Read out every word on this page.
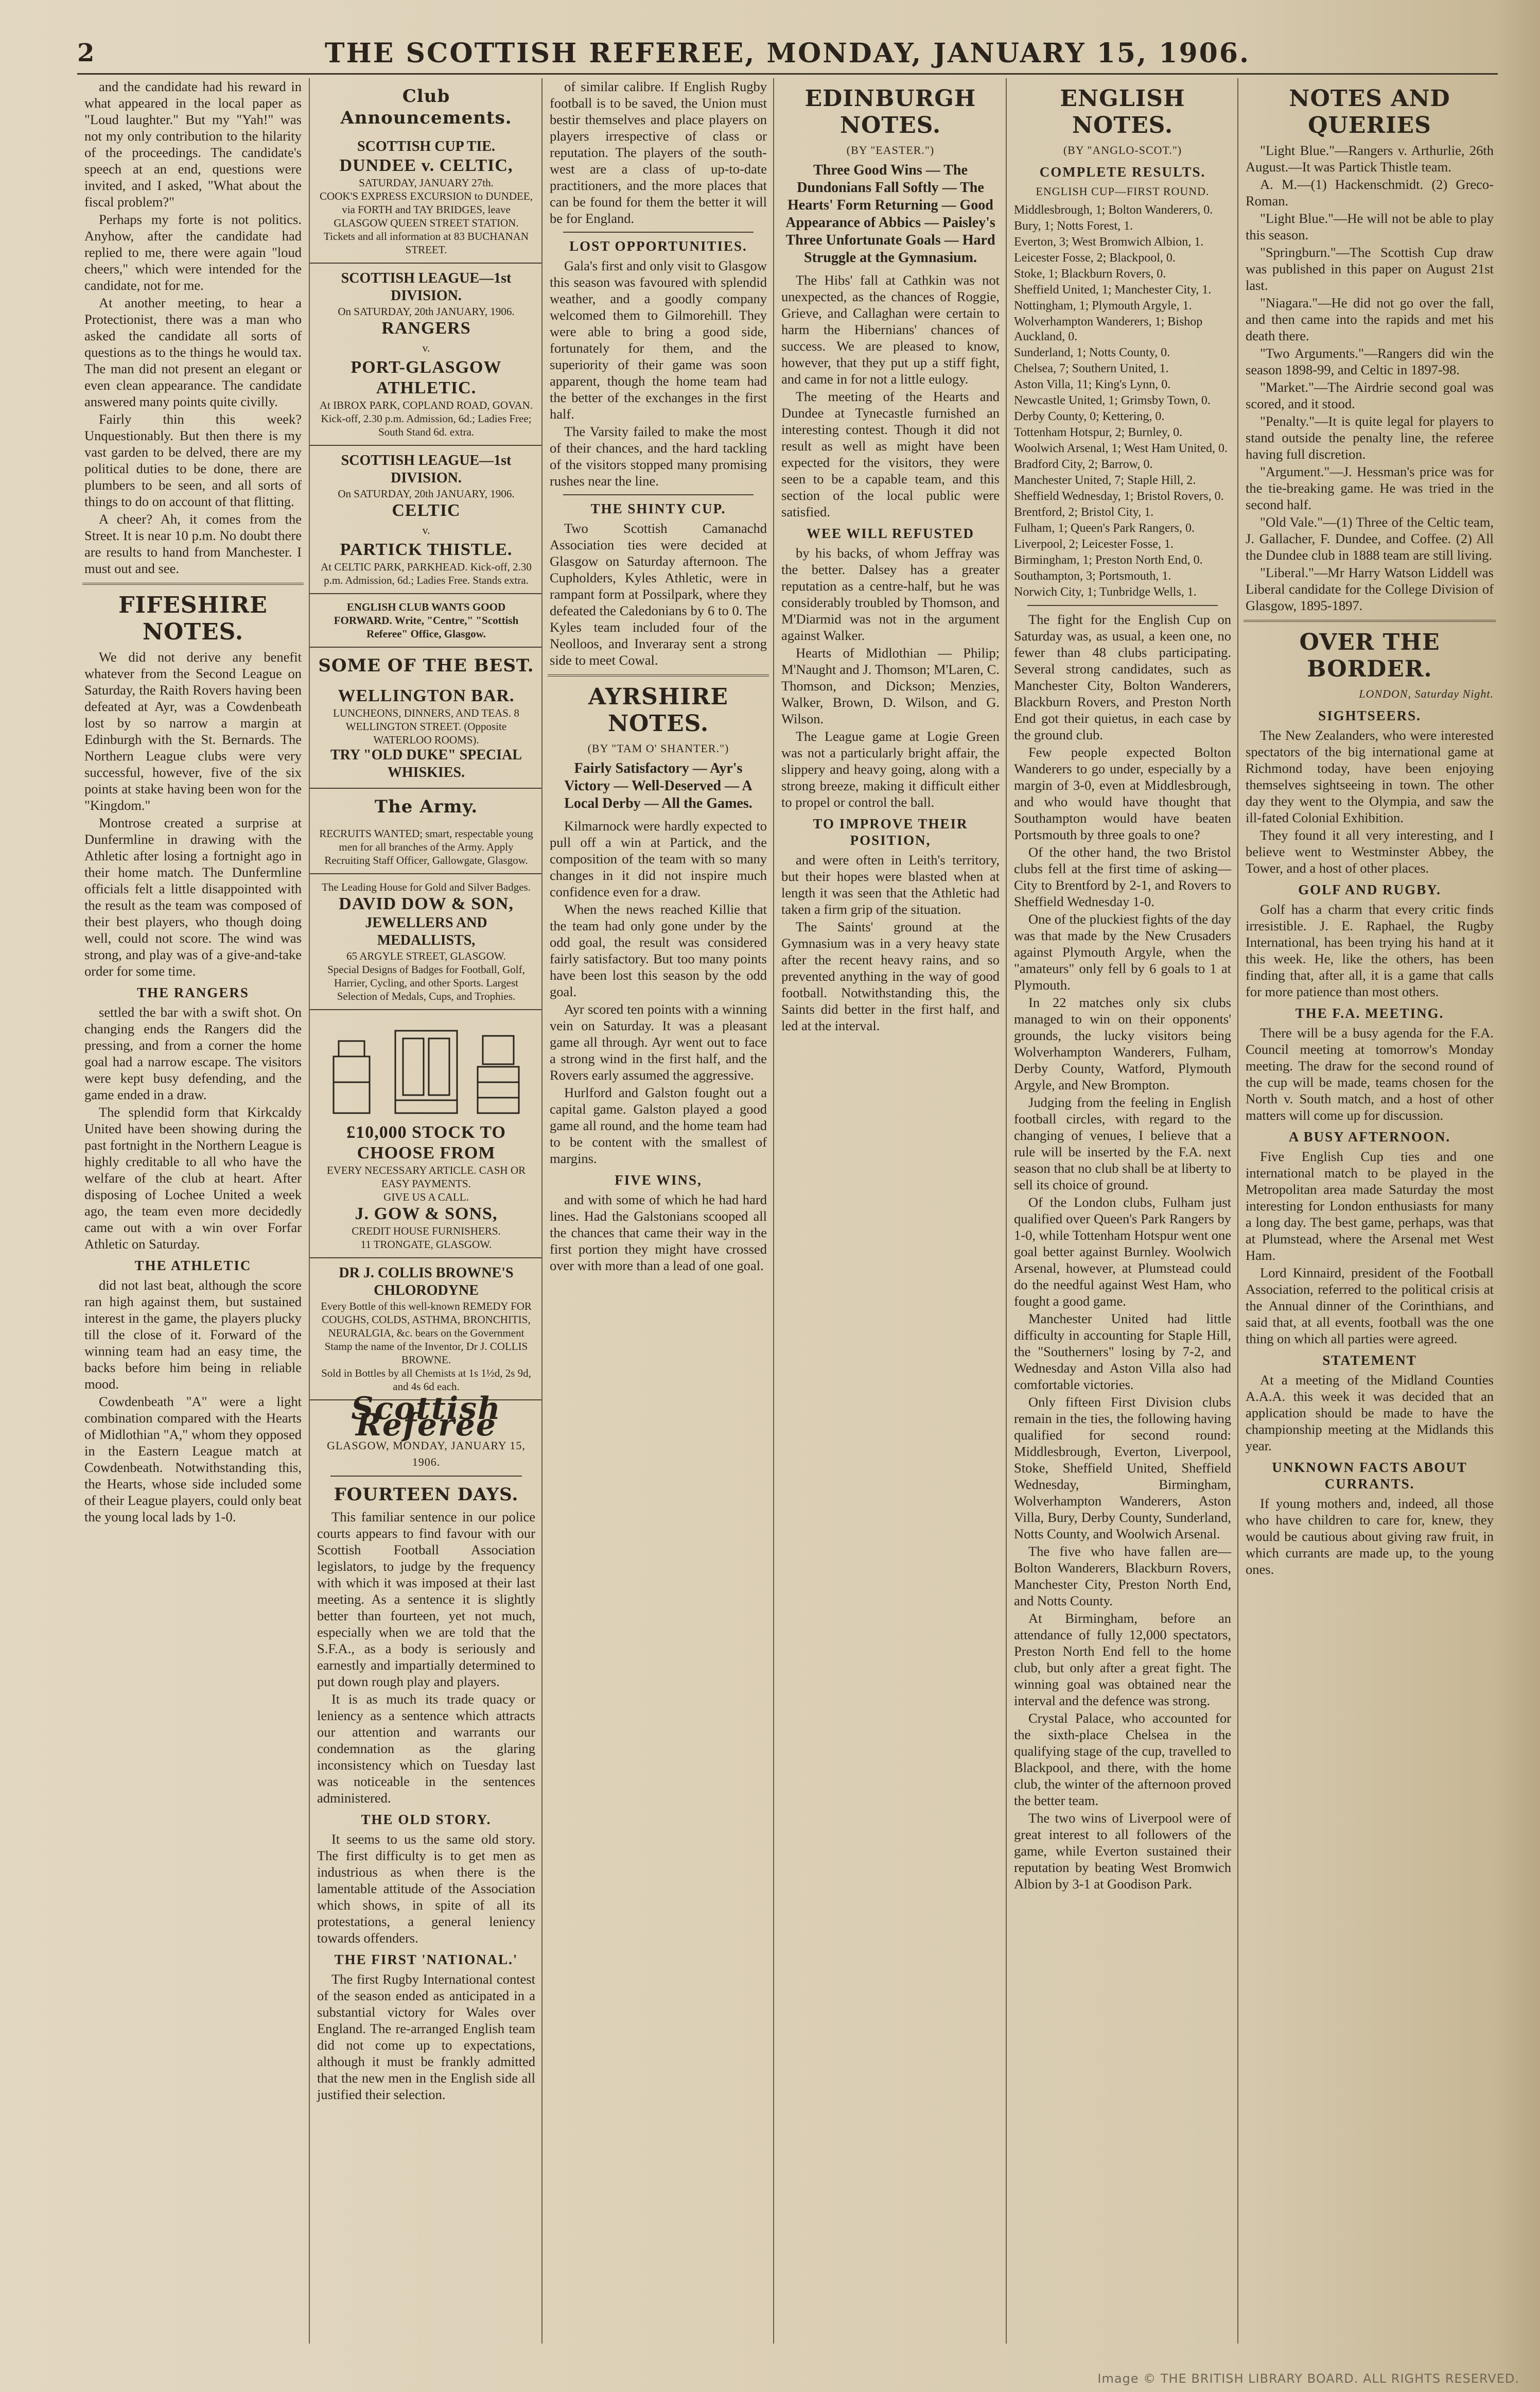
2	THE SCOTTISH REFEREE, MONDAY, JANUARY 15, 1906.

and the candidate had his reward in what appeared in the local paper as "Loud laughter." But my "Yah!" was not my only contribution to the hilarity of the proceedings. The candidate's speech at an end, questions were invited, and I asked, "What about the fiscal problem?"

Perhaps my forte is not politics. Anyhow, after the candidate had replied to me, there were again "loud cheers," which were intended for the candidate, not for me.

At another meeting, to hear a Protectionist, there was a man who asked the candidate all sorts of questions as to the things he would tax. The man did not present an elegant or even clean appearance. The candidate answered many points quite civilly.

Fairly thin this week? Unquestionably. But then there is my vast garden to be delved, there are my political duties to be done, there are plumbers to be seen, and all sorts of things to do on account of that flitting.

A cheer? Ah, it comes from the Street. It is near 10 p.m. No doubt there are results to hand from Manchester. I must out and see.

FIFESHIRE NOTES.

We did not derive any benefit whatever from the Second League on Saturday, the Raith Rovers having been defeated at Ayr, was a Cowdenbeath lost by so narrow a margin at Edinburgh with the St. Bernards. The Northern League clubs were very successful, however, five of the six points at stake having been won for the "Kingdom."

Montrose created a surprise at Dunfermline in drawing with the Athletic after losing a fortnight ago in their home match. The Dunfermline officials felt a little disappointed with the result as the team was composed of their best players, who though doing well, could not score. The wind was strong, and play was of a give-and-take order for some time.

THE RANGERS

settled the bar with a swift shot. On changing ends the Rangers did the pressing, and from a corner the home goal had a narrow escape. The visitors were kept busy defending, and the game ended in a draw.

The splendid form that Kirkcaldy United have been showing during the past fortnight in the Northern League is highly creditable to all who have the welfare of the club at heart. After disposing of Lochee United a week ago, the team even more decidedly came out with a win over Forfar Athletic on Saturday.

THE ATHLETIC

did not last beat, although the score ran high against them, but sustained interest in the game, the players plucky till the close of it. Forward of the winning team had an easy time, the backs before him being in reliable mood.

Cowdenbeath "A" were a light combination compared with the Hearts of Midlothian "A," whom they opposed in the Eastern League match at Cowdenbeath. Notwithstanding this, the Hearts, whose side included some of their League players, could only beat the young local lads by 1-0.

Club Announcements.
SCOTTISH CUP TIE.
DUNDEE v. CELTIC,
SATURDAY, JANUARY 27th.
COOK'S EXPRESS EXCURSION to DUNDEE, via FORTH and TAY BRIDGES, leave GLASGOW QUEEN STREET STATION. Tickets and all information at 83 BUCHANAN STREET.
SCOTTISH LEAGUE—1st DIVISION.
On SATURDAY, 20th JANUARY, 1906.
RANGERS
v.
PORT-GLASGOW ATHLETIC.
At IBROX PARK, COPLAND ROAD, GOVAN. Kick-off, 2.30 p.m. Admission, 6d.; Ladies Free; South Stand 6d. extra.
SCOTTISH LEAGUE—1st DIVISION.
On SATURDAY, 20th JANUARY, 1906.
CELTIC
v.
PARTICK THISTLE.
At CELTIC PARK, PARKHEAD. Kick-off, 2.30 p.m. Admission, 6d.; Ladies Free. Stands extra.
ENGLISH CLUB WANTS GOOD FORWARD. Write, "Centre," "Scottish Referee" Office, Glasgow.
SOME OF THE BEST.
WELLINGTON BAR.
LUNCHEONS, DINNERS, AND TEAS. 8 WELLINGTON STREET. (Opposite WATERLOO ROOMS).
TRY "OLD DUKE" SPECIAL WHISKIES.
The Army.
RECRUITS WANTED; smart, respectable young men for all branches of the Army. Apply Recruiting Staff Officer, Gallowgate, Glasgow.
The Leading House for Gold and Silver Badges.
DAVID DOW & SON,
JEWELLERS AND MEDALLISTS,
65 ARGYLE STREET, GLASGOW.
Special Designs of Badges for Football, Golf, Harrier, Cycling, and other Sports. Largest Selection of Medals, Cups, and Trophies.
£10,000 STOCK TO CHOOSE FROM
EVERY NECESSARY ARTICLE. CASH OR EASY PAYMENTS.
GIVE US A CALL.
J. GOW & SONS,
CREDIT HOUSE FURNISHERS.
11 TRONGATE, GLASGOW.
DR J. COLLIS BROWNE'S CHLORODYNE
Every Bottle of this well-known REMEDY FOR COUGHS, COLDS, ASTHMA, BRONCHITIS, NEURALGIA, &c. bears on the Government Stamp the name of the Inventor, Dr J. COLLIS BROWNE.
Sold in Bottles by all Chemists at 1s 1½d, 2s 9d, and 4s 6d each.
Scottish Referee
GLASGOW, MONDAY, JANUARY 15, 1906.
FOURTEEN DAYS.

This familiar sentence in our police courts appears to find favour with our Scottish Football Association legislators, to judge by the frequency with which it was imposed at their last meeting. As a sentence it is slightly better than fourteen, yet not much, especially when we are told that the S.F.A., as a body is seriously and earnestly and impartially determined to put down rough play and players.

It is as much its trade quacy or leniency as a sentence which attracts our attention and warrants our condemnation as the glaring inconsistency which on Tuesday last was noticeable in the sentences administered.

THE OLD STORY.

It seems to us the same old story. The first difficulty is to get men as industrious as when there is the lamentable attitude of the Association which shows, in spite of all its protestations, a general leniency towards offenders.

THE FIRST 'NATIONAL.'

The first Rugby International contest of the season ended as anticipated in a substantial victory for Wales over England. The re-arranged English team did not come up to expectations, although it must be frankly admitted that the new men in the English side all justified their selection.

of similar calibre. If English Rugby football is to be saved, the Union must bestir themselves and place players on players irrespective of class or reputation. The players of the south-west are a class of up-to-date practitioners, and the more places that can be found for them the better it will be for England.

LOST OPPORTUNITIES.

Gala's first and only visit to Glasgow this season was favoured with splendid weather, and a goodly company welcomed them to Gilmorehill. They were able to bring a good side, fortunately for them, and the superiority of their game was soon apparent, though the home team had the better of the exchanges in the first half.

The Varsity failed to make the most of their chances, and the hard tackling of the visitors stopped many promising rushes near the line.

THE SHINTY CUP.

Two Scottish Camanachd Association ties were decided at Glasgow on Saturday afternoon. The Cupholders, Kyles Athletic, were in rampant form at Possilpark, where they defeated the Caledonians by 6 to 0. The Kyles team included four of the Neolloos, and Inveraray sent a strong side to meet Cowal.

AYRSHIRE NOTES.
(BY "TAM O' SHANTER.")
Fairly Satisfactory — Ayr's Victory — Well-Deserved — A Local Derby — All the Games.

Kilmarnock were hardly expected to pull off a win at Partick, and the composition of the team with so many changes in it did not inspire much confidence even for a draw.

When the news reached Killie that the team had only gone under by the odd goal, the result was considered fairly satisfactory. But too many points have been lost this season by the odd goal.

Ayr scored ten points with a winning vein on Saturday. It was a pleasant game all through. Ayr went out to face a strong wind in the first half, and the Rovers early assumed the aggressive.

Hurlford and Galston fought out a capital game. Galston played a good game all round, and the home team had to be content with the smallest of margins.

FIVE WINS,

and with some of which he had hard lines. Had the Galstonians scooped all the chances that came their way in the first portion they might have crossed over with more than a lead of one goal.

EDINBURGH NOTES.
(BY "EASTER.")
Three Good Wins — The Dundonians Fall Softly — The Hearts' Form Returning — Good Appearance of Abbics — Paisley's Three Unfortunate Goals — Hard Struggle at the Gymnasium.

The Hibs' fall at Cathkin was not unexpected, as the chances of Roggie, Grieve, and Callaghan were certain to harm the Hibernians' chances of success. We are pleased to know, however, that they put up a stiff fight, and came in for not a little eulogy.

The meeting of the Hearts and Dundee at Tynecastle furnished an interesting contest. Though it did not result as well as might have been expected for the visitors, they were seen to be a capable team, and this section of the local public were satisfied.

WEE WILL REFUSTED

by his backs, of whom Jeffray was the better. Dalsey has a greater reputation as a centre-half, but he was considerably troubled by Thomson, and M'Diarmid was not in the argument against Walker.

Hearts of Midlothian — Philip; M'Naught and J. Thomson; M'Laren, C. Thomson, and Dickson; Menzies, Walker, Brown, D. Wilson, and G. Wilson.

The League game at Logie Green was not a particularly bright affair, the slippery and heavy going, along with a strong breeze, making it difficult either to propel or control the ball.

TO IMPROVE THEIR POSITION,

and were often in Leith's territory, but their hopes were blasted when at length it was seen that the Athletic had taken a firm grip of the situation.

The Saints' ground at the Gymnasium was in a very heavy state after the recent heavy rains, and so prevented anything in the way of good football. Notwithstanding this, the Saints did better in the first half, and led at the interval.

ENGLISH NOTES.
(BY "ANGLO-SCOT.")
COMPLETE RESULTS.
ENGLISH CUP—FIRST ROUND.

Middlesbrough, 1; Bolton Wanderers, 0.

Bury, 1; Notts Forest, 1.

Everton, 3; West Bromwich Albion, 1.

Leicester Fosse, 2; Blackpool, 0.

Stoke, 1; Blackburn Rovers, 0.

Sheffield United, 1; Manchester City, 1.

Nottingham, 1; Plymouth Argyle, 1.

Wolverhampton Wanderers, 1; Bishop Auckland, 0.

Sunderland, 1; Notts County, 0.

Chelsea, 7; Southern United, 1.

Aston Villa, 11; King's Lynn, 0.

Newcastle United, 1; Grimsby Town, 0.

Derby County, 0; Kettering, 0.

Tottenham Hotspur, 2; Burnley, 0.

Woolwich Arsenal, 1; West Ham United, 0.

Bradford City, 2; Barrow, 0.

Manchester United, 7; Staple Hill, 2.

Sheffield Wednesday, 1; Bristol Rovers, 0.

Brentford, 2; Bristol City, 1.

Fulham, 1; Queen's Park Rangers, 0.

Liverpool, 2; Leicester Fosse, 1.

Birmingham, 1; Preston North End, 0.

Southampton, 3; Portsmouth, 1.

Norwich City, 1; Tunbridge Wells, 1.

The fight for the English Cup on Saturday was, as usual, a keen one, no fewer than 48 clubs participating. Several strong candidates, such as Manchester City, Bolton Wanderers, Blackburn Rovers, and Preston North End got their quietus, in each case by the ground club.

Few people expected Bolton Wanderers to go under, especially by a margin of 3-0, even at Middlesbrough, and who would have thought that Southampton would have beaten Portsmouth by three goals to one?

Of the other hand, the two Bristol clubs fell at the first time of asking—City to Brentford by 2-1, and Rovers to Sheffield Wednesday 1-0.

One of the pluckiest fights of the day was that made by the New Crusaders against Plymouth Argyle, when the "amateurs" only fell by 6 goals to 1 at Plymouth.

In 22 matches only six clubs managed to win on their opponents' grounds, the lucky visitors being Wolverhampton Wanderers, Fulham, Derby County, Watford, Plymouth Argyle, and New Brompton.

Judging from the feeling in English football circles, with regard to the changing of venues, I believe that a rule will be inserted by the F.A. next season that no club shall be at liberty to sell its choice of ground.

Of the London clubs, Fulham just qualified over Queen's Park Rangers by 1-0, while Tottenham Hotspur went one goal better against Burnley. Woolwich Arsenal, however, at Plumstead could do the needful against West Ham, who fought a good game.

Manchester United had little difficulty in accounting for Staple Hill, the "Southerners" losing by 7-2, and Wednesday and Aston Villa also had comfortable victories.

Only fifteen First Division clubs remain in the ties, the following having qualified for second round: Middlesbrough, Everton, Liverpool, Stoke, Sheffield United, Sheffield Wednesday, Birmingham, Wolverhampton Wanderers, Aston Villa, Bury, Derby County, Sunderland, Notts County, and Woolwich Arsenal.

The five who have fallen are—Bolton Wanderers, Blackburn Rovers, Manchester City, Preston North End, and Notts County.

At Birmingham, before an attendance of fully 12,000 spectators, Preston North End fell to the home club, but only after a great fight. The winning goal was obtained near the interval and the defence was strong.

Crystal Palace, who accounted for the sixth-place Chelsea in the qualifying stage of the cup, travelled to Blackpool, and there, with the home club, the winter of the afternoon proved the better team.

The two wins of Liverpool were of great interest to all followers of the game, while Everton sustained their reputation by beating West Bromwich Albion by 3-1 at Goodison Park.

NOTES AND QUERIES

"Light Blue."—Rangers v. Arthurlie, 26th August.—It was Partick Thistle team.

A. M.—(1) Hackenschmidt. (2) Greco-Roman.

"Light Blue."—He will not be able to play this season.

"Springburn."—The Scottish Cup draw was published in this paper on August 21st last.

"Niagara."—He did not go over the fall, and then came into the rapids and met his death there.

"Two Arguments."—Rangers did win the season 1898-99, and Celtic in 1897-98.

"Market."—The Airdrie second goal was scored, and it stood.

"Penalty."—It is quite legal for players to stand outside the penalty line, the referee having full discretion.

"Argument."—J. Hessman's price was for the tie-breaking game. He was tried in the second half.

"Old Vale."—(1) Three of the Celtic team, J. Gallacher, F. Dundee, and Coffee. (2) All the Dundee club in 1888 team are still living.

"Liberal."—Mr Harry Watson Liddell was Liberal candidate for the College Division of Glasgow, 1895-1897.

OVER THE BORDER.
LONDON, Saturday Night.
SIGHTSEERS.

The New Zealanders, who were interested spectators of the big international game at Richmond today, have been enjoying themselves sightseeing in town. The other day they went to the Olympia, and saw the ill-fated Colonial Exhibition.

They found it all very interesting, and I believe went to Westminster Abbey, the Tower, and a host of other places.

GOLF AND RUGBY.

Golf has a charm that every critic finds irresistible. J. E. Raphael, the Rugby International, has been trying his hand at it this week. He, like the others, has been finding that, after all, it is a game that calls for more patience than most others.

THE F.A. MEETING.

There will be a busy agenda for the F.A. Council meeting at tomorrow's Monday meeting. The draw for the second round of the cup will be made, teams chosen for the North v. South match, and a host of other matters will come up for discussion.

A BUSY AFTERNOON.

Five English Cup ties and one international match to be played in the Metropolitan area made Saturday the most interesting for London enthusiasts for many a long day. The best game, perhaps, was that at Plumstead, where the Arsenal met West Ham.

Lord Kinnaird, president of the Football Association, referred to the political crisis at the Annual dinner of the Corinthians, and said that, at all events, football was the one thing on which all parties were agreed.

STATEMENT

At a meeting of the Midland Counties A.A.A. this week it was decided that an application should be made to have the championship meeting at the Midlands this year.

UNKNOWN FACTS ABOUT CURRANTS.

If young mothers and, indeed, all those who have children to care for, knew, they would be cautious about giving raw fruit, in which currants are made up, to the young ones.

Image © THE BRITISH LIBRARY BOARD. ALL RIGHTS RESERVED.
